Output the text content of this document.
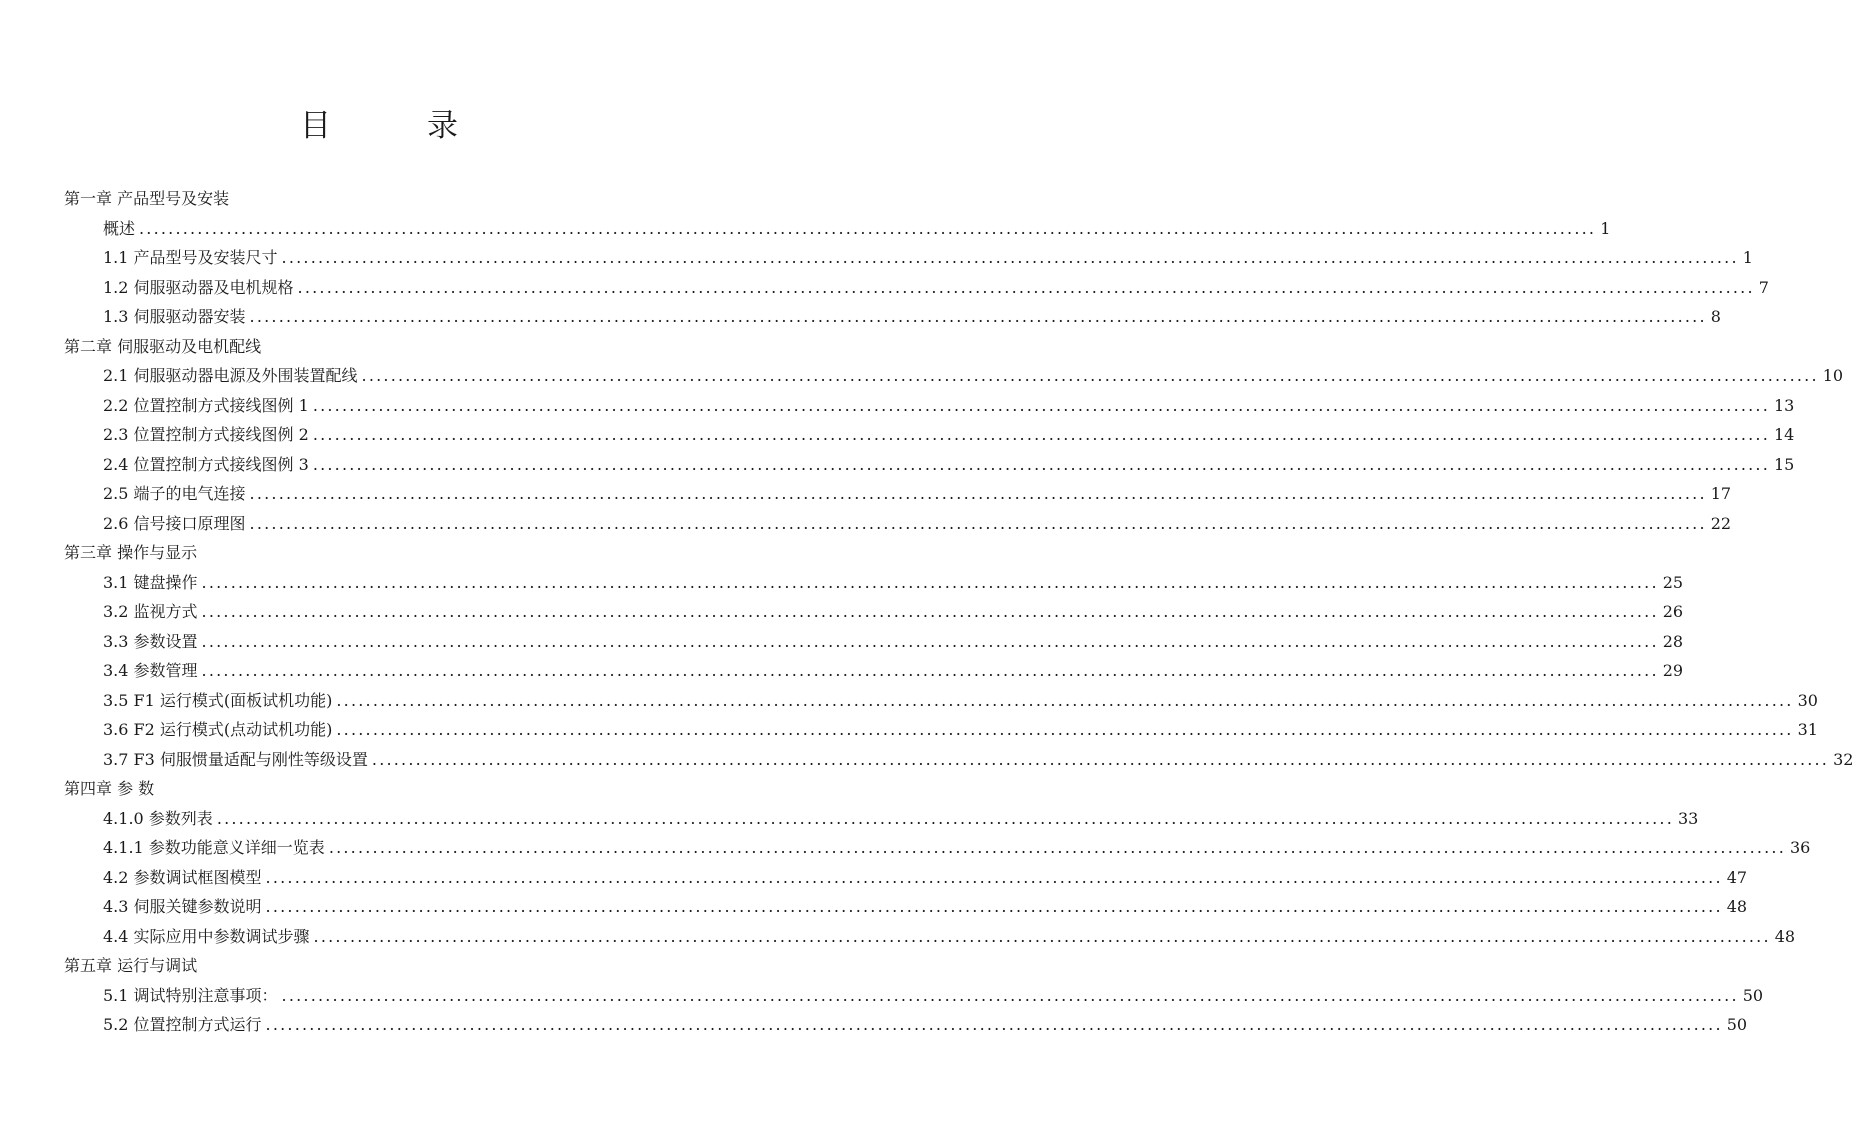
目	录
第一章 产品型号及安装
概述 ........................................................................................................................................................................................................ 1
1.1 产品型号及安装尺寸 ........................................................................................................................................................................................................ 1
1.2 伺服驱动器及电机规格 ........................................................................................................................................................................................................ 7
1.3 伺服驱动器安装 ........................................................................................................................................................................................................ 8
第二章 伺服驱动及电机配线
2.1 伺服驱动器电源及外围装置配线 ........................................................................................................................................................................................................ 10
2.2 位置控制方式接线图例 1 ........................................................................................................................................................................................................ 13
2.3 位置控制方式接线图例 2 ........................................................................................................................................................................................................ 14
2.4 位置控制方式接线图例 3 ........................................................................................................................................................................................................ 15
2.5 端子的电气连接 ........................................................................................................................................................................................................ 17
2.6 信号接口原理图 ........................................................................................................................................................................................................ 22
第三章 操作与显示
3.1 键盘操作 ........................................................................................................................................................................................................ 25
3.2 监视方式 ........................................................................................................................................................................................................ 26
3.3 参数设置 ........................................................................................................................................................................................................ 28
3.4 参数管理 ........................................................................................................................................................................................................ 29
3.5 F1 运行模式(面板试机功能) ........................................................................................................................................................................................................ 30
3.6 F2 运行模式(点动试机功能) ........................................................................................................................................................................................................ 31
3.7 F3 伺服惯量适配与刚性等级设置 ........................................................................................................................................................................................................ 32
第四章 参 数
4.1.0 参数列表 ........................................................................................................................................................................................................ 33
4.1.1 参数功能意义详细一览表 ........................................................................................................................................................................................................ 36
4.2 参数调试框图模型 ........................................................................................................................................................................................................ 47
4.3 伺服关键参数说明 ........................................................................................................................................................................................................ 48
4.4 实际应用中参数调试步骤 ........................................................................................................................................................................................................ 48
第五章 运行与调试
5.1 调试特别注意事项： ........................................................................................................................................................................................................ 50
5.2 位置控制方式运行 ........................................................................................................................................................................................................ 50
